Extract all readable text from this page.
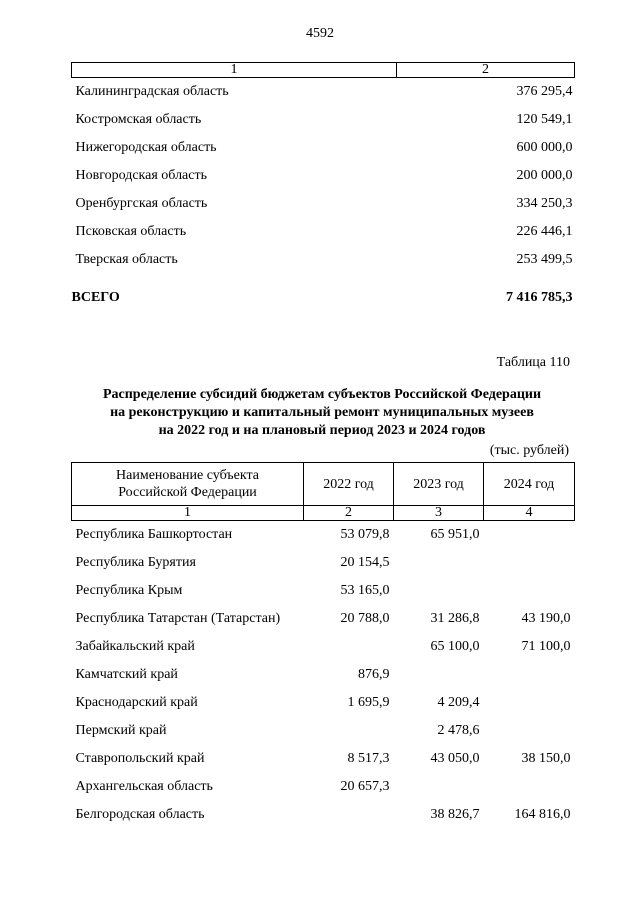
4592
1	2
Калининградская область	376 295,4
Костромская область	120 549,1
Нижегородская область	600 000,0
Новгородская область	200 000,0
Оренбургская область	334 250,3
Псковская область	226 446,1
Тверская область	253 499,5
ВСЕГО	7 416 785,3
Таблица 110
Распределение субсидий бюджетам субъектов Российской Федерации
на реконструкцию и капитальный ремонт муниципальных музеев
на 2022 год и на плановый период 2023 и 2024 годов
(тыс. рублей)
Наименование субъекта
Российской Федерации	2022 год	2023 год	2024 год
1	2	3	4
Республика Башкортостан	53 079,8	65 951,0	
Республика Бурятия	20 154,5		
Республика Крым	53 165,0		
Республика Татарстан (Татарстан)	20 788,0	31 286,8	43 190,0
Забайкальский край		65 100,0	71 100,0
Камчатский край	876,9		
Краснодарский край	1 695,9	4 209,4	
Пермский край		2 478,6	
Ставропольский край	8 517,3	43 050,0	38 150,0
Архангельская область	20 657,3		
Белгородская область		38 826,7	164 816,0
